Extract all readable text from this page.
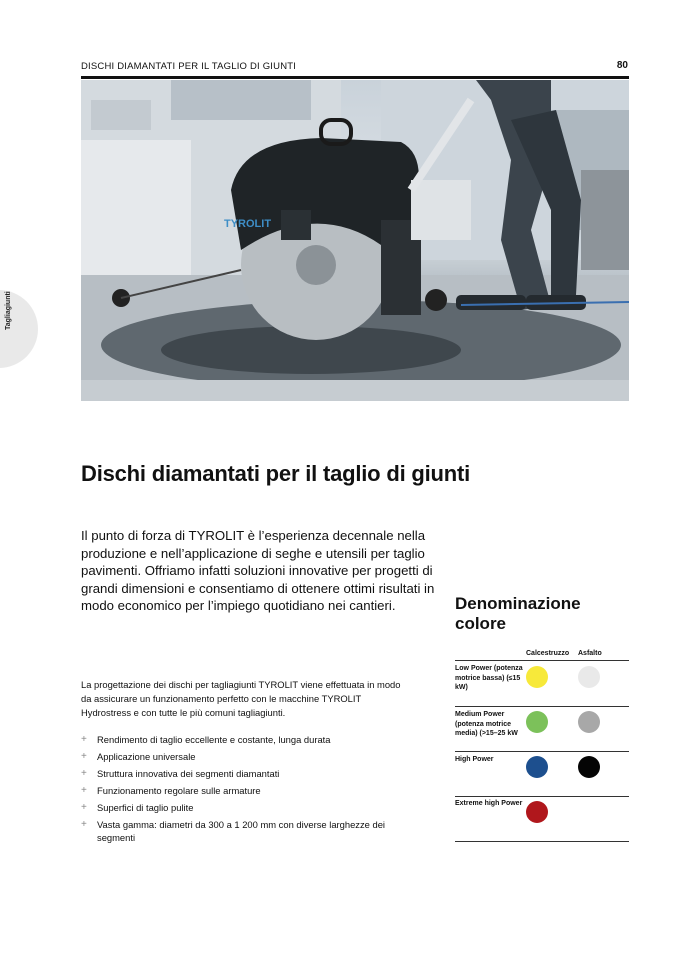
DISCHI DIAMANTATI PER IL TAGLIO DI GIUNTI	80
Tagliagiunti
TYROLIT
Dischi diamantati per il taglio di giunti
Il punto di forza di TYROLIT è l’esperienza decennale nella produzione e nell’applicazione di seghe e utensili per taglio pavimenti. Offriamo infatti soluzioni innovative per progetti di grandi dimensioni e consentiamo di ottenere ottimi risultati in modo economico per l’impiego quotidiano nei cantieri.
La progettazione dei dischi per tagliagiunti TYROLIT viene effettuata in modo da assicurare un funzionamento perfetto con le macchine TYROLIT Hydrostress e con tutte le più comuni tagliagiunti.
+ Rendimento di taglio eccellente e costante, lunga durata
+ Applicazione universale
+ Struttura innovativa dei segmenti diamantati
+ Funzionamento regolare sulle armature
+ Superfici di taglio pulite
+ Vasta gamma: diametri da 300 a 1 200 mm con diverse larghezze dei segmenti
Denominazione
colore
Calcestruzzo Asfalto
Low Power (potenza motrice bassa) (≤15 kW)
Medium Power (potenza motrice media) (>15–25 kW
High Power
Extreme high Power
